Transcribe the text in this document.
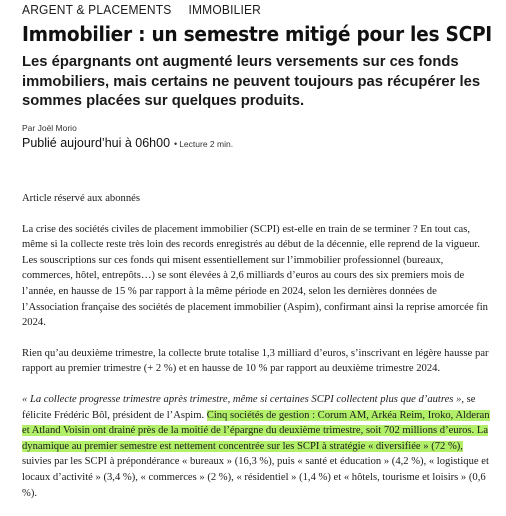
ARGENT & PLACEMENTS IMMOBILIER
Immobilier : un semestre mitigé pour les SCPI

Les épargnants ont augmenté leurs versements sur ces fonds immobiliers, mais certains ne peuvent toujours pas récupérer les sommes placées sur quelques produits.

Par Joël Morio
Publié aujourd’hui à 06h00 • Lecture 2 min.

Article réservé aux abonnés

La crise des sociétés civiles de placement immobilier (SCPI) est-elle en train de se terminer ? En tout cas, même si la collecte reste très loin des records enregistrés au début de la décennie, elle reprend de la vigueur. Les souscriptions sur ces fonds qui misent essentiellement sur l’immobilier professionnel (bureaux, commerces, hôtel, entrepôts…) se sont élevées à 2,6 milliards d’euros au cours des six premiers mois de l’année, en hausse de 15 % par rapport à la même période en 2024, selon les dernières données de l’Association française des sociétés de placement immobilier (Aspim), confirmant ainsi la reprise amorcée fin 2024.

Rien qu’au deuxième trimestre, la collecte brute totalise 1,3 milliard d’euros, s’inscrivant en légère hausse par rapport au premier trimestre (+ 2 %) et en hausse de 10 % par rapport au deuxième trimestre 2024.

« La collecte progresse trimestre après trimestre, même si certaines SCPI collectent plus que d’autres », se félicite Frédéric Bôl, président de l’Aspim. Cinq sociétés de gestion : Corum AM, Arkéa Reim, Iroko, Alderan et Atland Voisin ont drainé près de la moitié de l’épargne du deuxième trimestre, soit 702 millions d’euros. La dynamique au premier semestre est nettement concentrée sur les SCPI à stratégie « diversifiée » (72 %), suivies par les SCPI à prépondérance « bureaux » (16,3 %), puis « santé et éducation » (4,2 %), « logistique et locaux d’activité » (3,4 %), « commerces » (2 %), « résidentiel » (1,4 %) et « hôtels, tourisme et loisirs » (0,6 %).
